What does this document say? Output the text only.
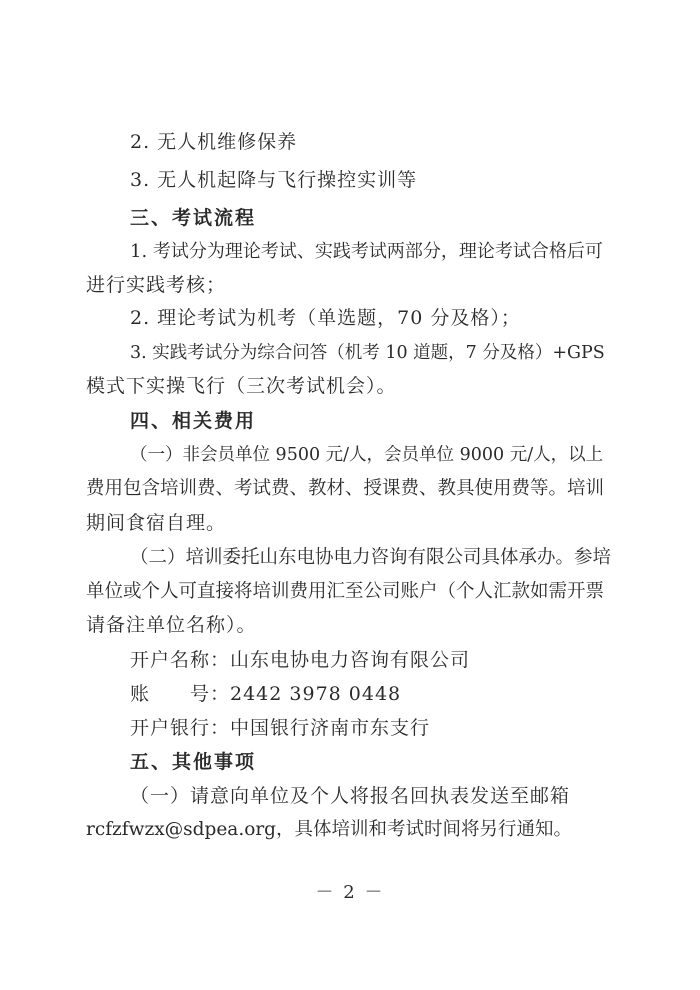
2. 无人机维修保养
3. 无人机起降与飞行操控实训等
三、考试流程
1. 考试分为理论考试、实践考试两部分，理论考试合格后可
进行实践考核；
2. 理论考试为机考（单选题，70 分及格）；
3. 实践考试分为综合问答（机考 10 道题，7 分及格）+GPS
模式下实操飞行（三次考试机会）。
四、相关费用
（一）非会员单位 9500 元/人，会员单位 9000 元/人，以上
费用包含培训费、考试费、教材、授课费、教具使用费等。培训
期间食宿自理。
（二）培训委托山东电协电力咨询有限公司具体承办。参培
单位或个人可直接将培训费用汇至公司账户（个人汇款如需开票
请备注单位名称）。
开户名称：山东电协电力咨询有限公司
账　　号：2442 3978 0448
开户银行：中国银行济南市东支行
五、其他事项
（一）请意向单位及个人将报名回执表发送至邮箱
rcfzfwzx@sdpea.org，具体培训和考试时间将另行通知。
－ 2 －
